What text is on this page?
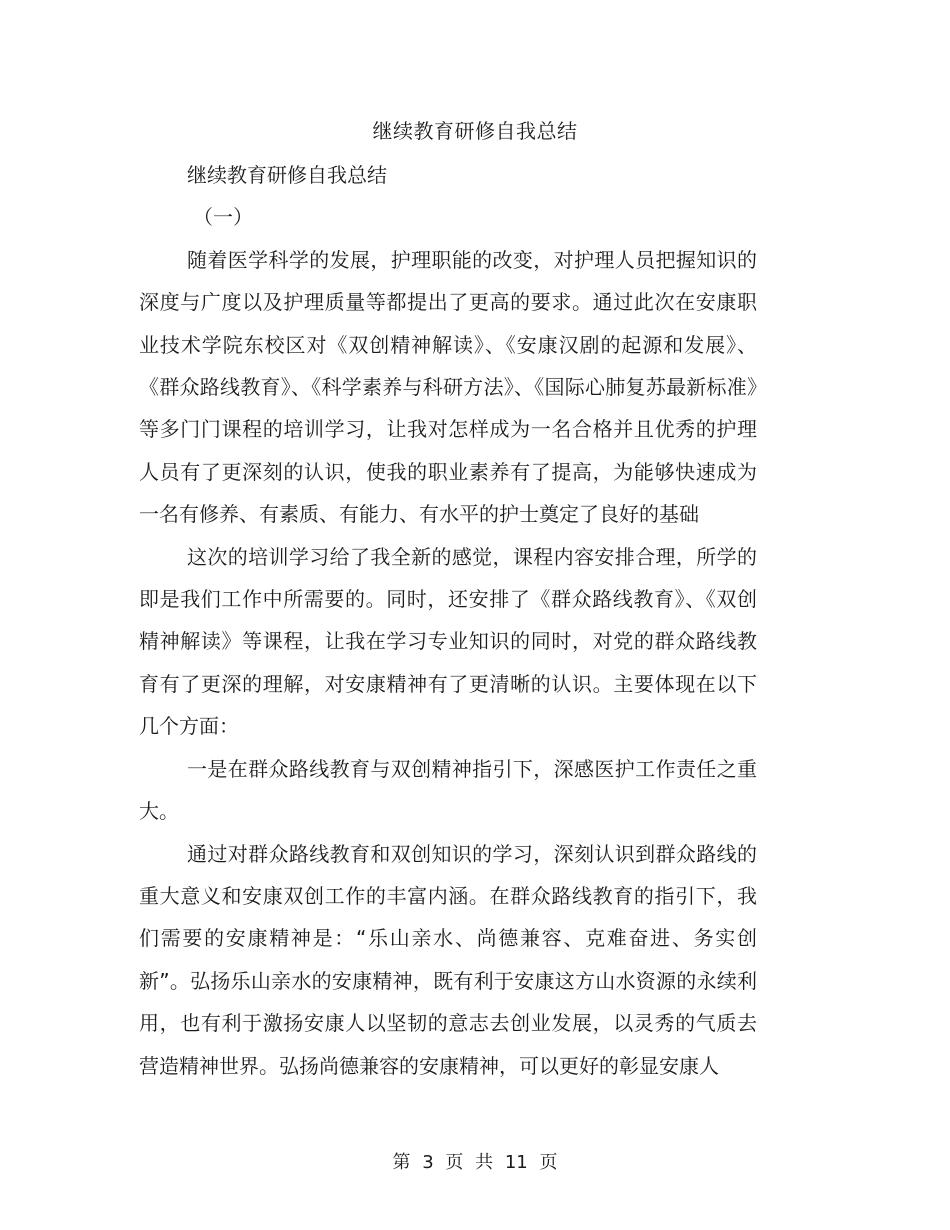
继续教育研修自我总结

继续教育研修自我总结

（一）

随着医学科学的发展，护理职能的改变，对护理人员把握知识的深度与广度以及护理质量等都提出了更高的要求。通过此次在安康职业技术学院东校区对《双创精神解读》、《安康汉剧的起源和发展》、《群众路线教育》、《科学素养与科研方法》、《国际心肺复苏最新标准》等多门门课程的培训学习，让我对怎样成为一名合格并且优秀的护理人员有了更深刻的认识，使我的职业素养有了提高，为能够快速成为一名有修养、有素质、有能力、有水平的护士奠定了良好的基础

这次的培训学习给了我全新的感觉，课程内容安排合理，所学的即是我们工作中所需要的。同时，还安排了《群众路线教育》、《双创精神解读》等课程，让我在学习专业知识的同时，对党的群众路线教育有了更深的理解，对安康精神有了更清晰的认识。主要体现在以下几个方面：

一是在群众路线教育与双创精神指引下，深感医护工作责任之重大。

通过对群众路线教育和双创知识的学习，深刻认识到群众路线的重大意义和安康双创工作的丰富内涵。在群众路线教育的指引下，我们需要的安康精神是：“乐山亲水、尚德兼容、克难奋进、务实创新”。弘扬乐山亲水的安康精神，既有利于安康这方山水资源的永续利用，也有利于激扬安康人以坚韧的意志去创业发展，以灵秀的气质去营造精神世界。弘扬尚德兼容的安康精神，可以更好的彰显安康人

第 3 页 共 11 页
